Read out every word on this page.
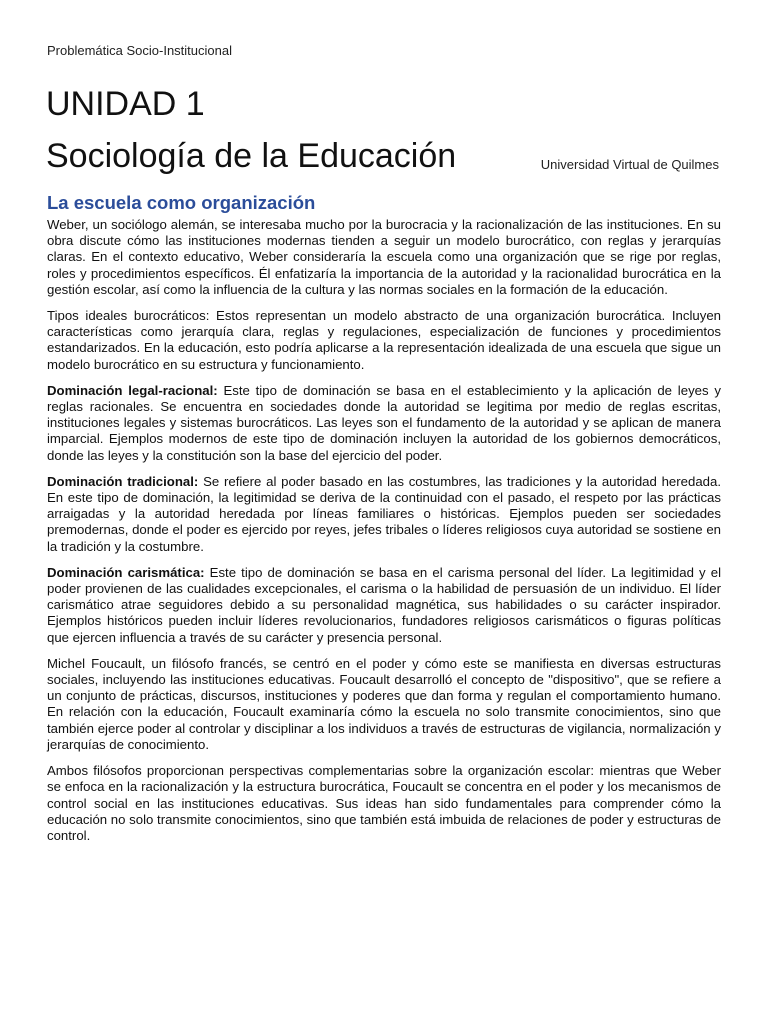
Problemática Socio-Institucional
UNIDAD 1
Sociología de la Educación	Universidad Virtual de Quilmes
La escuela como organización

Weber, un sociólogo alemán, se interesaba mucho por la burocracia y la racionalización de las instituciones. En su obra discute cómo las instituciones modernas tienden a seguir un modelo burocrático, con reglas y jerarquías claras. En el contexto educativo, Weber consideraría la escuela como una organización que se rige por reglas, roles y procedimientos específicos. Él enfatizaría la importancia de la autoridad y la racionalidad burocrática en la gestión escolar, así como la influencia de la cultura y las normas sociales en la formación de la educación.

Tipos ideales burocráticos: Estos representan un modelo abstracto de una organización burocrática. Incluyen características como jerarquía clara, reglas y regulaciones, especialización de funciones y procedimientos estandarizados. En la educación, esto podría aplicarse a la representación idealizada de una escuela que sigue un modelo burocrático en su estructura y funcionamiento.

Dominación legal-racional: Este tipo de dominación se basa en el establecimiento y la aplicación de leyes y reglas racionales. Se encuentra en sociedades donde la autoridad se legitima por medio de reglas escritas, instituciones legales y sistemas burocráticos. Las leyes son el fundamento de la autoridad y se aplican de manera imparcial. Ejemplos modernos de este tipo de dominación incluyen la autoridad de los gobiernos democráticos, donde las leyes y la constitución son la base del ejercicio del poder.

Dominación tradicional: Se refiere al poder basado en las costumbres, las tradiciones y la autoridad heredada. En este tipo de dominación, la legitimidad se deriva de la continuidad con el pasado, el respeto por las prácticas arraigadas y la autoridad heredada por líneas familiares o históricas. Ejemplos pueden ser sociedades premodernas, donde el poder es ejercido por reyes, jefes tribales o líderes religiosos cuya autoridad se sostiene en la tradición y la costumbre.

Dominación carismática: Este tipo de dominación se basa en el carisma personal del líder. La legitimidad y el poder provienen de las cualidades excepcionales, el carisma o la habilidad de persuasión de un individuo. El líder carismático atrae seguidores debido a su personalidad magnética, sus habilidades o su carácter inspirador. Ejemplos históricos pueden incluir líderes revolucionarios, fundadores religiosos carismáticos o figuras políticas que ejercen influencia a través de su carácter y presencia personal.

Michel Foucault, un filósofo francés, se centró en el poder y cómo este se manifiesta en diversas estructuras sociales, incluyendo las instituciones educativas. Foucault desarrolló el concepto de "dispositivo", que se refiere a un conjunto de prácticas, discursos, instituciones y poderes que dan forma y regulan el comportamiento humano. En relación con la educación, Foucault examinaría cómo la escuela no solo transmite conocimientos, sino que también ejerce poder al controlar y disciplinar a los individuos a través de estructuras de vigilancia, normalización y jerarquías de conocimiento.

Ambos filósofos proporcionan perspectivas complementarias sobre la organización escolar: mientras que Weber se enfoca en la racionalización y la estructura burocrática, Foucault se concentra en el poder y los mecanismos de control social en las instituciones educativas. Sus ideas han sido fundamentales para comprender cómo la educación no solo transmite conocimientos, sino que también está imbuida de relaciones de poder y estructuras de control.
